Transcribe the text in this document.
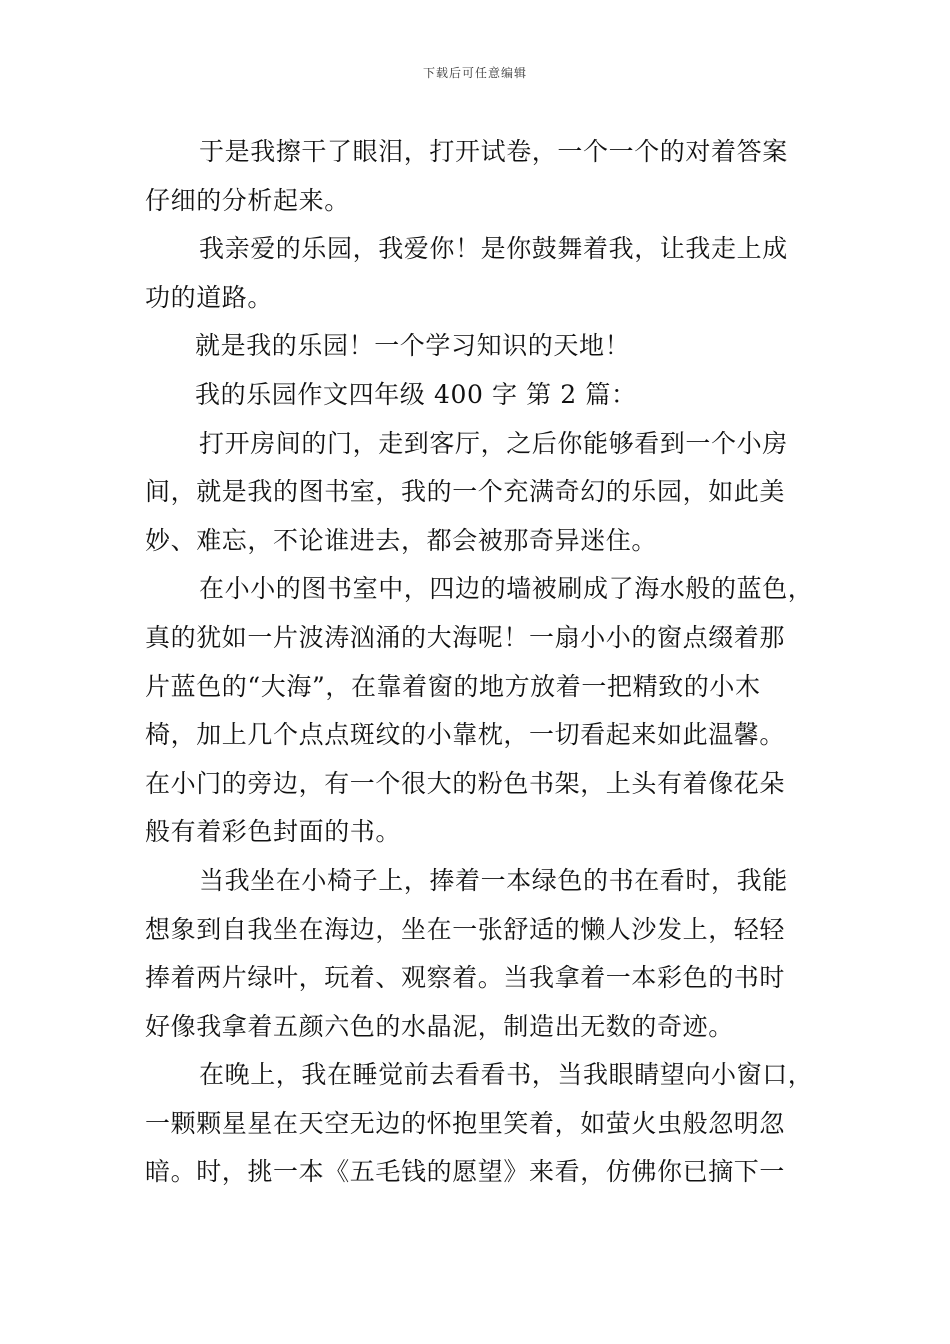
下载后可任意编辑
于是我擦干了眼泪，打开试卷，一个一个的对着答案
仔细的分析起来。
我亲爱的乐园，我爱你！是你鼓舞着我，让我走上成
功的道路。
就是我的乐园！一个学习知识的天地！
我的乐园作文四年级 400 字 第 2 篇：
打开房间的门，走到客厅，之后你能够看到一个小房
间，就是我的图书室，我的一个充满奇幻的乐园，如此美
妙、难忘，不论谁进去，都会被那奇异迷住。
在小小的图书室中，四边的墙被刷成了海水般的蓝色，
真的犹如一片波涛汹涌的大海呢！一扇小小的窗点缀着那
片蓝色的“大海”，在靠着窗的地方放着一把精致的小木
椅，加上几个点点斑纹的小靠枕，一切看起来如此温馨。
在小门的旁边，有一个很大的粉色书架，上头有着像花朵
般有着彩色封面的书。
当我坐在小椅子上，捧着一本绿色的书在看时，我能
想象到自我坐在海边，坐在一张舒适的懒人沙发上，轻轻
捧着两片绿叶，玩着、观察着。当我拿着一本彩色的书时
好像我拿着五颜六色的水晶泥，制造出无数的奇迹。
在晚上，我在睡觉前去看看书，当我眼睛望向小窗口，
一颗颗星星在天空无边的怀抱里笑着，如萤火虫般忽明忽
暗。时，挑一本《五毛钱的愿望》来看，仿佛你已摘下一
